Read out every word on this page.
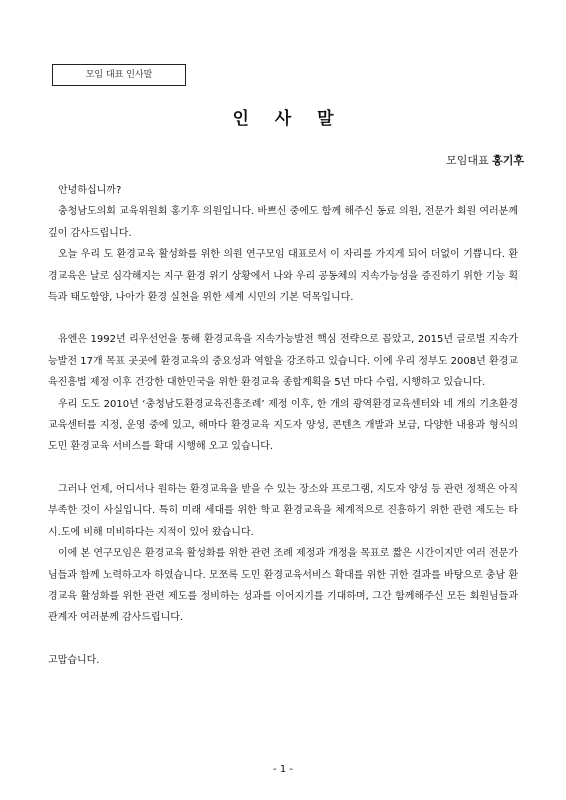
모임 대표 인사말
인 사 말
모임대표 홍기후

안녕하십니까?

충청남도의회 교육위원회 홍기후 의원입니다. 바쁘신 중에도 함께 해주신 동료 의원, 전문가 회원 여러분께 깊이 감사드립니다.

오늘 우리 도 환경교육 활성화를 위한 의원 연구모임 대표로서 이 자리를 가지게 되어 더없이 기쁩니다. 환경교육은 날로 심각해지는 지구 환경 위기 상황에서 나와 우리 공동체의 지속가능성을 증진하기 위한 기능 획득과 태도함양, 나아가 환경 실천을 위한 세계 시민의 기본 덕목입니다.

유엔은 1992년 리우선언을 통해 환경교육을 지속가능발전 핵심 전략으로 꼽았고, 2015년 글로벌 지속가능발전 17개 목표 곳곳에 환경교육의 중요성과 역할을 강조하고 있습니다. 이에 우리 정부도 2008년 환경교육진흥법 제정 이후 건강한 대한민국을 위한 환경교육 종합계획을 5년 마다 수립, 시행하고 있습니다.

우리 도도 2010년 ‘충청남도환경교육진흥조례’ 제정 이후, 한 개의 광역환경교육센터와 네 개의 기초환경교육센터를 지정, 운영 중에 있고, 해마다 환경교육 지도자 양성, 콘텐츠 개발과 보급, 다양한 내용과 형식의 도민 환경교육 서비스를 확대 시행해 오고 있습니다.

그러나 언제, 어디서나 원하는 환경교육을 받을 수 있는 장소와 프로그램, 지도자 양성 등 관련 정책은 아직 부족한 것이 사실입니다. 특히 미래 세대를 위한 학교 환경교육을 체계적으로 진흥하기 위한 관련 제도는 타 시.도에 비해 미비하다는 지적이 있어 왔습니다.

이에 본 연구모임은 환경교육 활성화를 위한 관련 조례 제정과 개정을 목표로 짧은 시간이지만 여러 전문가님들과 함께 노력하고자 하였습니다. 모쪼록 도민 환경교육서비스 확대를 위한 귀한 결과를 바탕으로 충남 환경교육 활성화를 위한 관련 제도를 정비하는 성과를 이어지기를 기대하며, 그간 함께해주신 모든 회원님들과 관계자 여러분께 감사드립니다.

고맙습니다.

- 1 -
